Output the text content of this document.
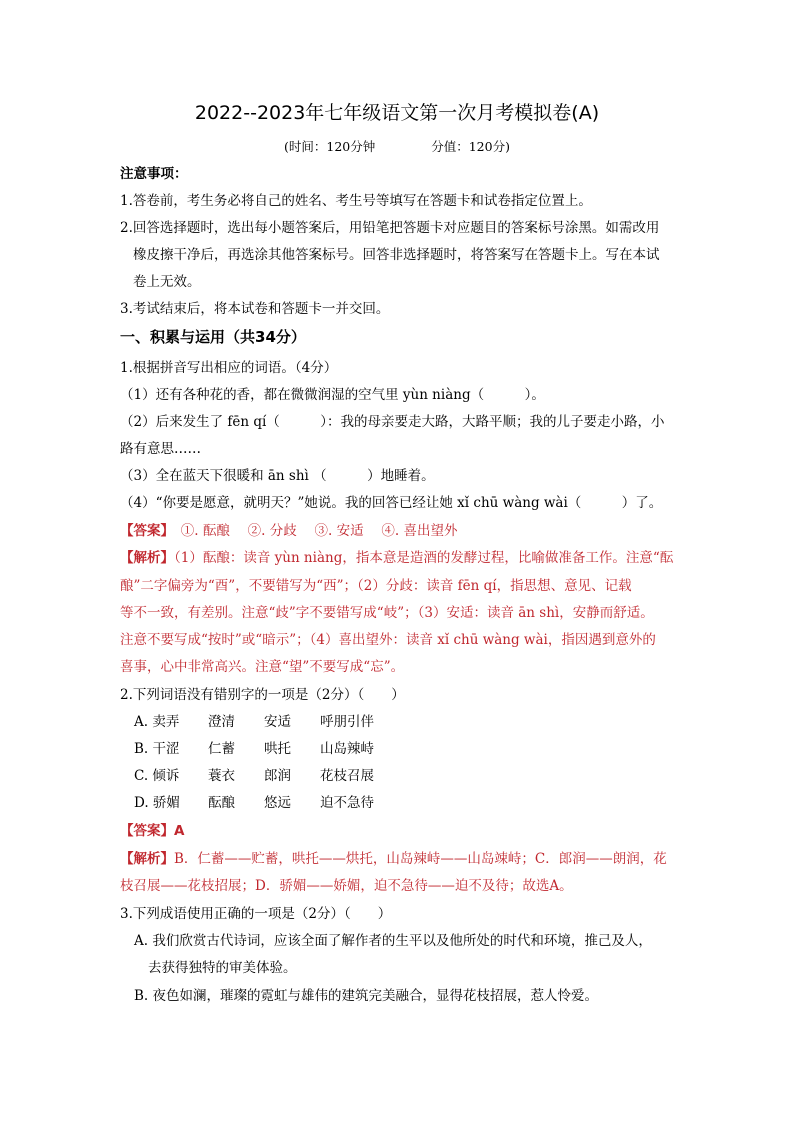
2022--2023年七年级语文第一次月考模拟卷(A)
(时间：120分钟	分值：120分)
注意事项：
1.答卷前，考生务必将自己的姓名、考生号等填写在答题卡和试卷指定位置上。
2.回答选择题时，选出每小题答案后，用铅笔把答题卡对应题目的答案标号涂黑。如需改用
橡皮擦干净后，再选涂其他答案标号。回答非选择题时，将答案写在答题卡上。写在本试
卷上无效。
3.考试结束后，将本试卷和答题卡一并交回。
一、积累与运用（共34分）
1.根据拼音写出相应的词语。（4分）
（1）还有各种花的香，都在微微润湿的空气里 yùn niàng（　　　）。
（2）后来发生了 fēn qí（　　　）：我的母亲要走大路，大路平顺；我的儿子要走小路，小
路有意思……
（3）全在蓝天下很暖和 ān shì （　　　）地睡着。
（4）“你要是愿意，就明天？”她说。我的回答已经让她 xǐ chū wàng wài（　　　）了。
【答案】　①. 酝酿　 ②. 分歧　 ③. 安适　 ④. 喜出望外
【解析】（1）酝酿：读音 yùn niàng，指本意是造酒的发酵过程，比喻做准备工作。注意“酝
酿”二字偏旁为“酉”，不要错写为“西”；（2）分歧：读音 fēn qí，指思想、意见、记载
等不一致，有差别。注意“歧”字不要错写成“岐”；（3）安适：读音 ān shì，安静而舒适。
注意不要写成“按时”或“暗示”；（4）喜出望外：读音 xǐ chū wàng wài，指因遇到意外的
喜事，心中非常高兴。注意“望”不要写成“忘”。
2.下列词语没有错别字的一项是（2分）（　　）
A. 卖弄 澄清 安适 呼朋引伴
B. 干涩 仁蓄 哄托 山岛辣峙
C. 倾诉 蓑衣 郎润 花枝召展
D. 骄媚 酝酿 悠远 迫不急待
【答案】A
【解析】B．仁蓄——贮蓄，哄托——烘托，山岛辣峙——山岛竦峙；C．郎润——朗润，花
枝召展——花枝招展；D．骄媚——娇媚，迫不急待——迫不及待；故选A。
3.下列成语使用正确的一项是（2分）（　　）
A. 我们欣赏古代诗词，应该全面了解作者的生平以及他所处的时代和环境，推己及人，
去获得独特的审美体验。
B. 夜色如澜，璀璨的霓虹与雄伟的建筑完美融合，显得花枝招展，惹人怜爱。
